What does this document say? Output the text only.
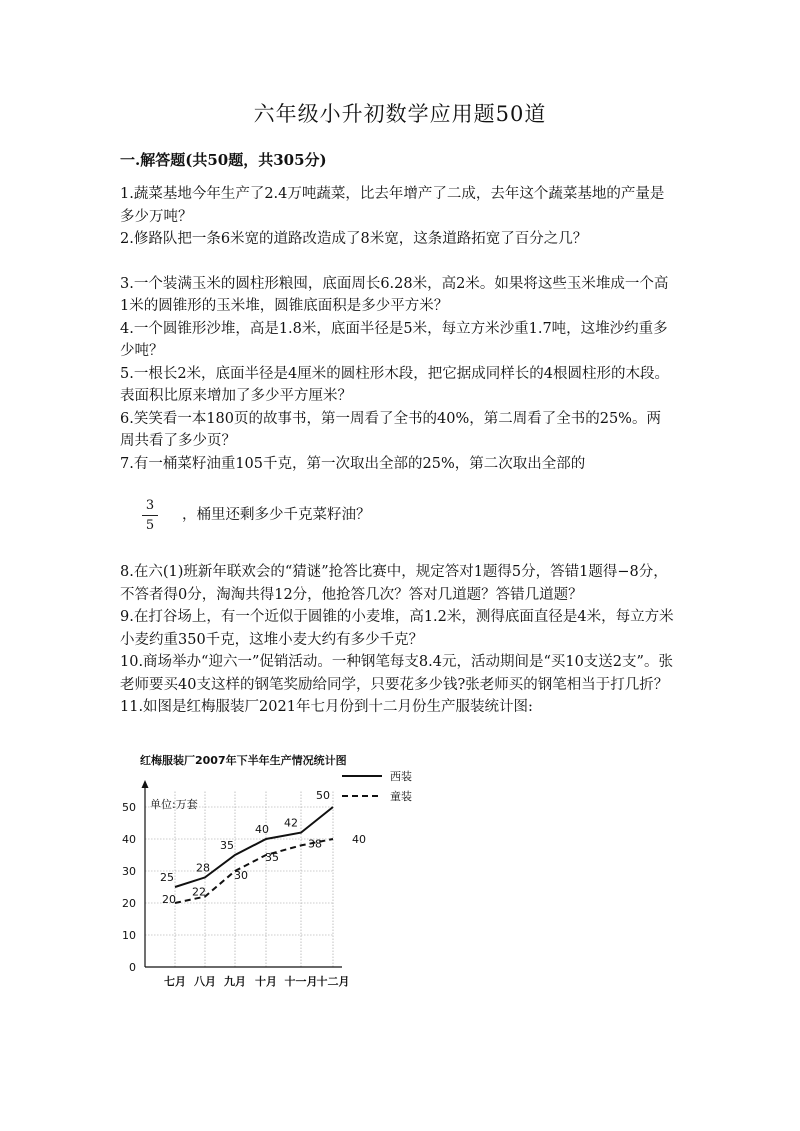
六年级小升初数学应用题50道
一.解答题(共50题，共305分)

1.蔬菜基地今年生产了2.4万吨蔬菜，比去年增产了二成，去年这个蔬菜基地的产量是多少万吨？

2.修路队把一条6米宽的道路改造成了8米宽，这条道路拓宽了百分之几？

3.一个装满玉米的圆柱形粮囤，底面周长6.28米，高2米。如果将这些玉米堆成一个高1米的圆锥形的玉米堆，圆锥底面积是多少平方米？

4.一个圆锥形沙堆，高是1.8米，底面半径是5米，每立方米沙重1.7吨，这堆沙约重多少吨？

5.一根长2米，底面半径是4厘米的圆柱形木段，把它据成同样长的4根圆柱形的木段。表面积比原来增加了多少平方厘米？

6.笑笑看一本180页的故事书，第一周看了全书的40%，第二周看了全书的25%。两周共看了多少页？

7.有一桶菜籽油重105千克，第一次取出全部的25%，第二次取出全部的

3
5
，桶里还剩多少千克菜籽油？

8.在六(1)班新年联欢会的“猜谜”抢答比赛中，规定答对1题得5分，答错1题得−8分，不答者得0分，淘淘共得12分，他抢答几次？答对几道题？答错几道题？

9.在打谷场上，有一个近似于圆锥的小麦堆，高1.2米，测得底面直径是4米，每立方米小麦约重350千克，这堆小麦大约有多少千克？

10.商场举办“迎六一”促销活动。一种钢笔每支8.4元，活动期间是“买10支送2支”。张老师要买40支这样的钢笔奖励给同学，只要花多少钱?张老师买的钢笔相当于打几折？

11.如图是红梅服装厂2021年七月份到十二月份生产服装统计图:

红梅服装厂2007年下半年生产情况统计图
单位:万套
0
10
20
30
40
50
七月 八月 九月 十月 十一月 十二月
25
28
35
40 42
50
20
22
30
35
38	40
西装
童装
